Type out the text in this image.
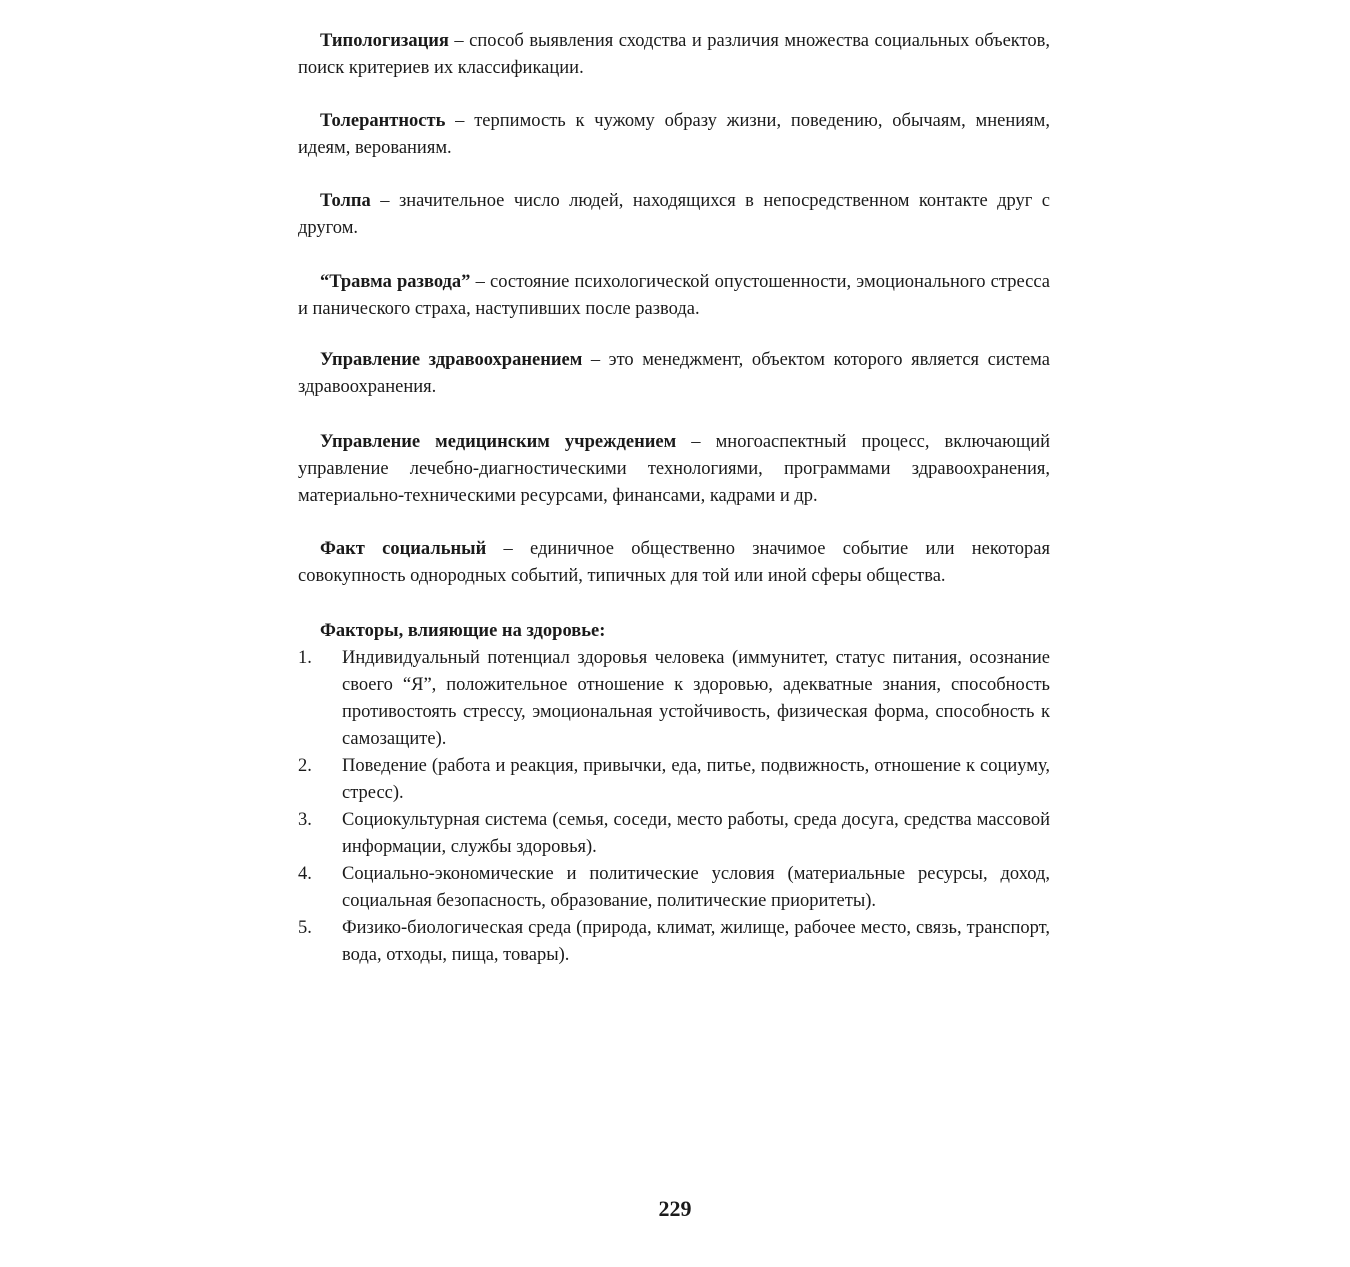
Типологизация – способ выявления сходства и различия множества социальных объектов, поиск критериев их классификации.

Толерантность – терпимость к чужому образу жизни, поведению, обычаям, мнениям, идеям, верованиям.

Толпа – значительное число людей, находящихся в непосредственном контакте друг с другом.

“Травма развода” – состояние психологической опустошенности, эмоционального стресса и панического страха, наступивших после развода.

Управление здравоохранением – это менеджмент, объектом которого является система здравоохранения.

Управление медицинским учреждением – многоаспектный процесс, включающий управление лечебно-диагностическими технологиями, программами здравоохранения, материально-техническими ресурсами, финансами, кадрами и др.

Факт социальный – единичное общественно значимое событие или некоторая совокупность однородных событий, типичных для той или иной сферы общества.

Факторы, влияющие на здоровье:

1.	Индивидуальный потенциал здоровья человека (иммунитет, статус питания, осознание своего “Я”, положительное отношение к здоровью, адекватные знания, способность противостоять стрессу, эмоциональная устойчивость, физическая форма, способность к самозащите).
2.	Поведение (работа и реакция, привычки, еда, питье, подвижность, отношение к социуму, стресс).
3.	Социокультурная система (семья, соседи, место работы, среда досуга, средства массовой информации, службы здоровья).
4.	Социально-экономические и политические условия (материальные ресурсы, доход, социальная безопасность, образование, политические приоритеты).
5.	Физико-биологическая среда (природа, климат, жилище, рабочее место, связь, транспорт, вода, отходы, пища, товары).
229
